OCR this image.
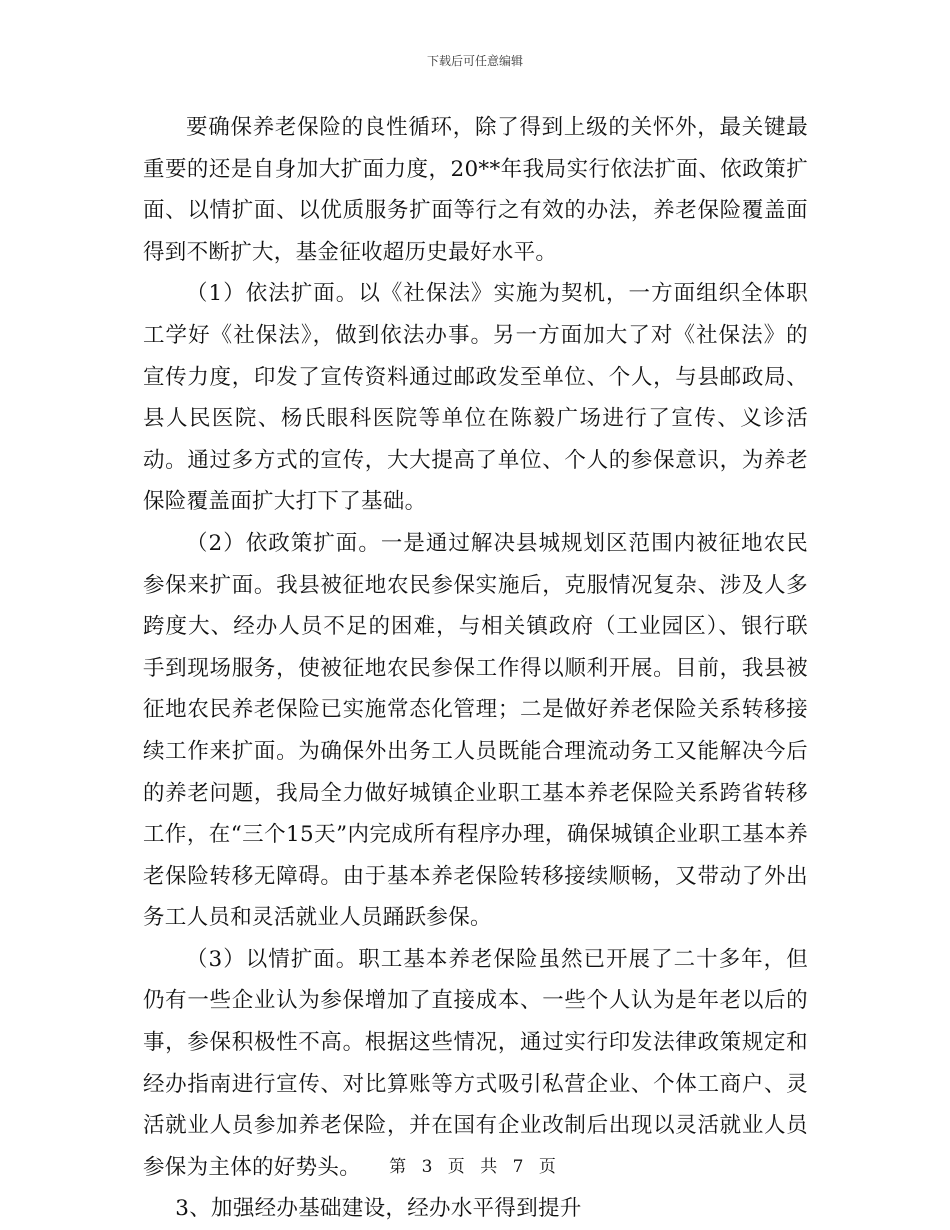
下载后可任意编辑

要确保养老保险的良性循环，除了得到上级的关怀外，最关键最重要的还是自身加大扩面力度，20**年我局实行依法扩面、依政策扩面、以情扩面、以优质服务扩面等行之有效的办法，养老保险覆盖面得到不断扩大，基金征收超历史最好水平。

（1）依法扩面。以《社保法》实施为契机，一方面组织全体职工学好《社保法》，做到依法办事。另一方面加大了对《社保法》的宣传力度，印发了宣传资料通过邮政发至单位、个人，与县邮政局、县人民医院、杨氏眼科医院等单位在陈毅广场进行了宣传、义诊活动。通过多方式的宣传，大大提高了单位、个人的参保意识，为养老保险覆盖面扩大打下了基础。

（2）依政策扩面。一是通过解决县城规划区范围内被征地农民参保来扩面。我县被征地农民参保实施后，克服情况复杂、涉及人多跨度大、经办人员不足的困难，与相关镇政府（工业园区）、银行联手到现场服务，使被征地农民参保工作得以顺利开展。目前，我县被征地农民养老保险已实施常态化管理；二是做好养老保险关系转移接续工作来扩面。为确保外出务工人员既能合理流动务工又能解决今后的养老问题，我局全力做好城镇企业职工基本养老保险关系跨省转移工作，在“三个15天”内完成所有程序办理，确保城镇企业职工基本养老保险转移无障碍。由于基本养老保险转移接续顺畅，又带动了外出务工人员和灵活就业人员踊跃参保。

（3）以情扩面。职工基本养老保险虽然已开展了二十多年，但仍有一些企业认为参保增加了直接成本、一些个人认为是年老以后的事，参保积极性不高。根据这些情况，通过实行印发法律政策规定和经办指南进行宣传、对比算账等方式吸引私营企业、个体工商户、灵活就业人员参加养老保险，并在国有企业改制后出现以灵活就业人员参保为主体的好势头。

3、加强经办基础建设，经办水平得到提升

第 3 页 共 7 页
